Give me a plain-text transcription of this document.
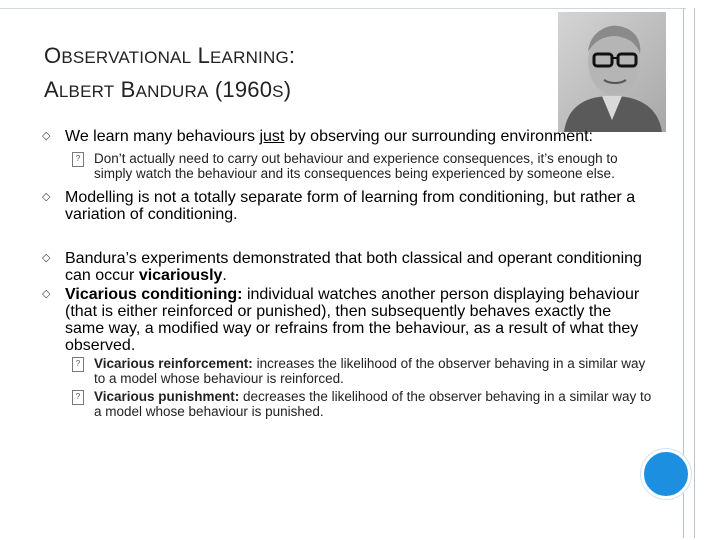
OBSERVATIONAL LEARNING:
ALBERT BANDURA (1960S)
◇ We learn many behaviours just by observing our surrounding environment:
? Don’t actually need to carry out behaviour and experience consequences, it’s enough to simply watch the behaviour and its consequences being experienced by someone else.
◇ Modelling is not a totally separate form of learning from conditioning, but rather a variation of conditioning.
◇ Bandura’s experiments demonstrated that both classical and operant conditioning can occur vicariously.
◇ Vicarious conditioning: individual watches another person displaying behaviour (that is either reinforced or punished), then subsequently behaves exactly the same way, a modified way or refrains from the behaviour, as a result of what they observed.
? Vicarious reinforcement: increases the likelihood of the observer behaving in a similar way to a model whose behaviour is reinforced.
? Vicarious punishment: decreases the likelihood of the observer behaving in a similar way to a model whose behaviour is punished.
